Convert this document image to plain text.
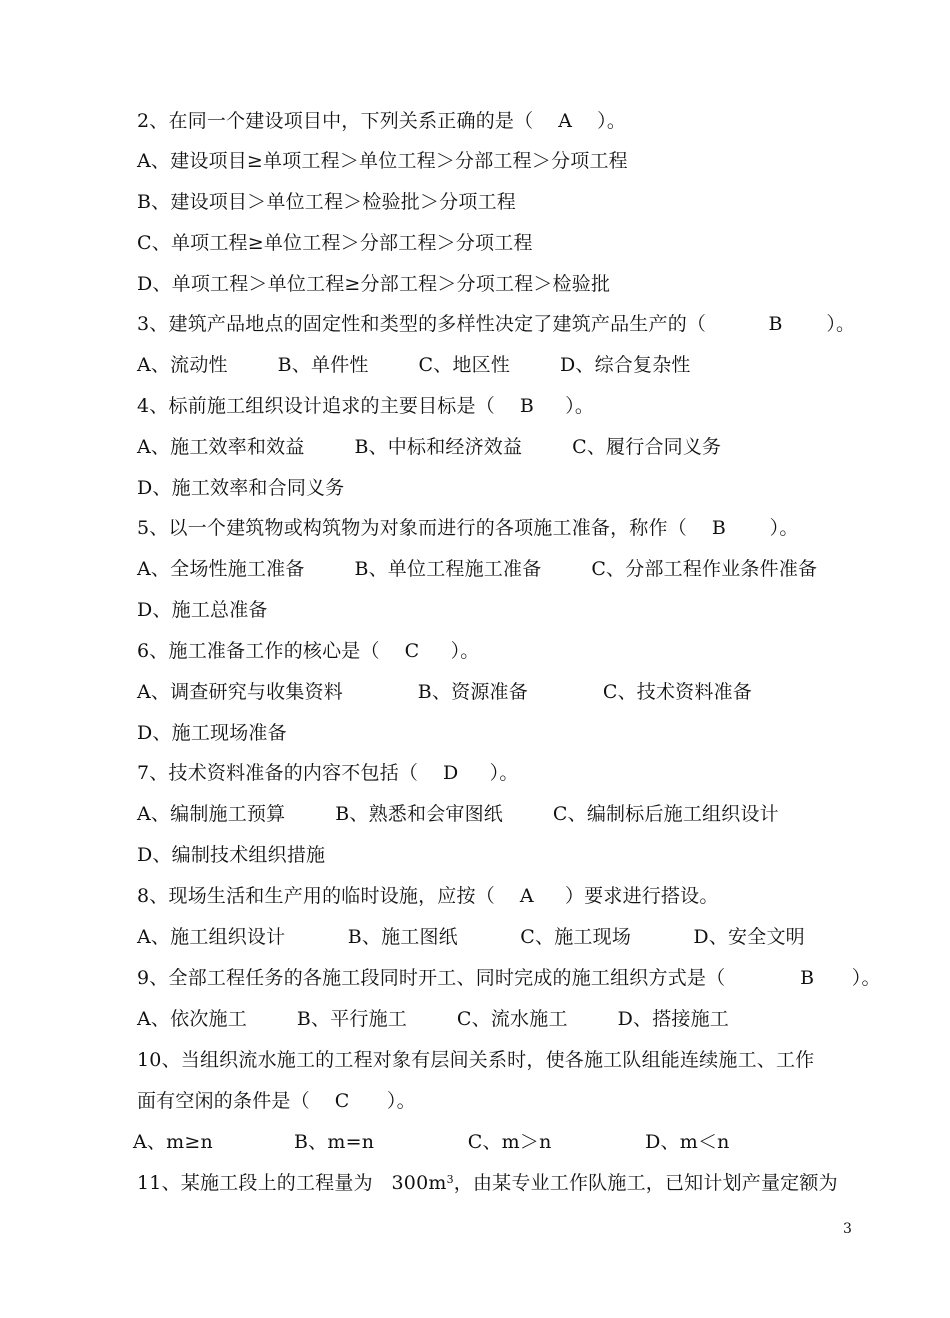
2、在同一个建设项目中，下列关系正确的是（    A    ）。
A、建设项目≥单项工程＞单位工程＞分部工程＞分项工程
B、建设项目＞单位工程＞检验批＞分项工程
C、单项工程≥单位工程＞分部工程＞分项工程
D、单项工程＞单位工程≥分部工程＞分项工程＞检验批
3、建筑产品地点的固定性和类型的多样性决定了建筑产品生产的（          B       ）。
A、流动性        B、单件性        C、地区性        D、综合复杂性
4、标前施工组织设计追求的主要目标是（    B     ）。
A、施工效率和效益        B、中标和经济效益        C、履行合同义务
D、施工效率和合同义务
5、以一个建筑物或构筑物为对象而进行的各项施工准备，称作（    B       ）。
A、全场性施工准备        B、单位工程施工准备        C、分部工程作业条件准备
D、施工总准备
6、施工准备工作的核心是（    C     ）。
A、调查研究与收集资料            B、资源准备            C、技术资料准备
D、施工现场准备
7、技术资料准备的内容不包括（    D     ）。
A、编制施工预算        B、熟悉和会审图纸        C、编制标后施工组织设计
D、编制技术组织措施
8、现场生活和生产用的临时设施，应按（    A     ）要求进行搭设。
A、施工组织设计          B、施工图纸          C、施工现场          D、安全文明
9、全部工程任务的各施工段同时开工、同时完成的施工组织方式是（            B      ）。
A、依次施工        B、平行施工        C、流水施工        D、搭接施工
10、当组织流水施工的工程对象有层间关系时，使各施工队组能连续施工、工作
面有空闲的条件是（    C      ）。
A、m≥n             B、m=n               C、m＞n               D、m＜n
11、某施工段上的工程量为   $300m^3$，由某专业工作队施工，已知计划产量定额为
3
